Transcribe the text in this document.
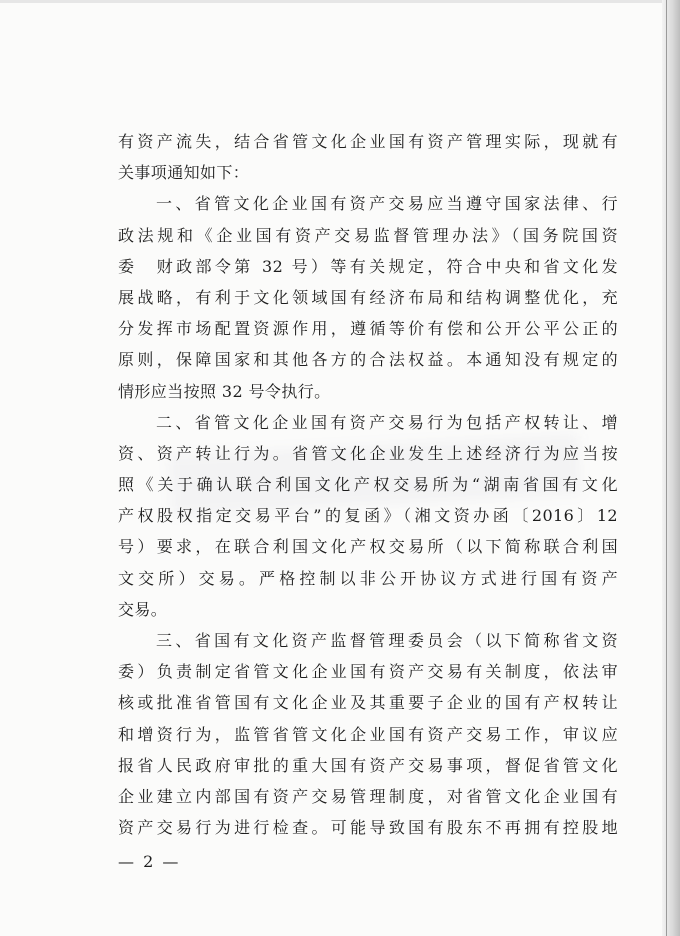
有资产流失，结合省管文化企业国有资产管理实际，现就有
关事项通知如下：
一、省管文化企业国有资产交易应当遵守国家法律、行
政法规和《企业国有资产交易监督管理办法》（国务院国资
委　财政部令第 32 号）等有关规定，符合中央和省文化发
展战略，有利于文化领域国有经济布局和结构调整优化，充
分发挥市场配置资源作用，遵循等价有偿和公开公平公正的
原则，保障国家和其他各方的合法权益。本通知没有规定的
情形应当按照 32 号令执行。
二、省管文化企业国有资产交易行为包括产权转让、增
资、资产转让行为。省管文化企业发生上述经济行为应当按
照《关于确认联合利国文化产权交易所为“湖南省国有文化
产权股权指定交易平台”的复函》（湘文资办函〔2016〕12
号）要求，在联合利国文化产权交易所（以下简称联合利国
文交所）交易。严格控制以非公开协议方式进行国有资产
交易。
三、省国有文化资产监督管理委员会（以下简称省文资
委）负责制定省管文化企业国有资产交易有关制度，依法审
核或批准省管国有文化企业及其重要子企业的国有产权转让
和增资行为，监管省管文化企业国有资产交易工作，审议应
报省人民政府审批的重大国有资产交易事项，督促省管文化
企业建立内部国有资产交易管理制度，对省管文化企业国有
资产交易行为进行检查。可能导致国有股东不再拥有控股地
— 2 —
